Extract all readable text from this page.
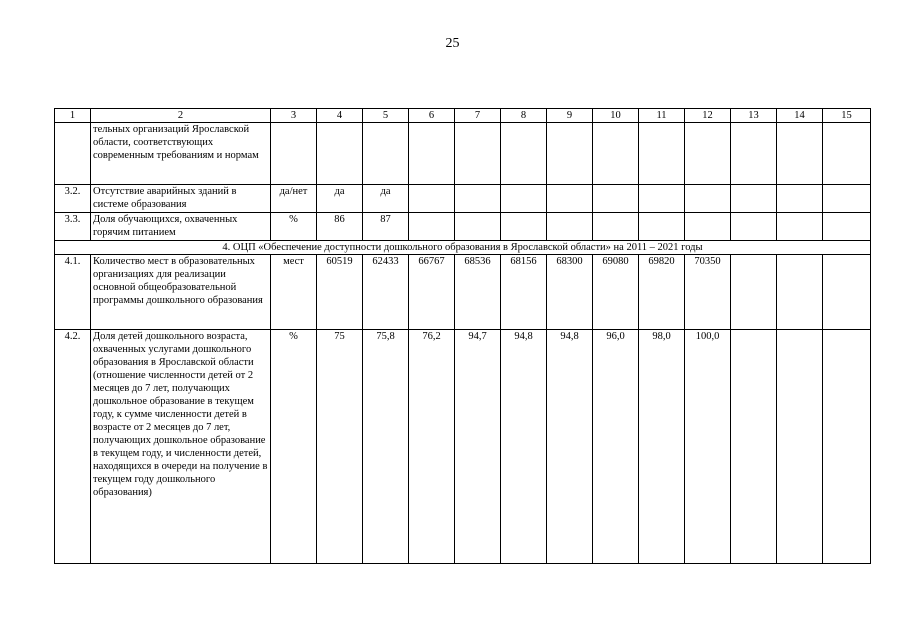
25
1	2	3	4	5	6	7	8	9	10	11	12	13	14	15
	тельных организаций Ярославской области, соответствующих современным требованиям и нормам													
3.2.	Отсутствие аварийных зданий в системе образования	да/нет	да	да										
3.3.	Доля обучающихся, охваченных горячим питанием	%	86	87										
4. ОЦП «Обеспечение доступности дошкольного образования в Ярославской области» на 2011 – 2021 годы														
4.1.	Количество мест в образовательных организациях для реализации основной общеобразовательной программы дошкольного образования	мест	60519	62433	66767	68536	68156	68300	69080	69820	70350			
4.2.	Доля детей дошкольного возраста, охваченных услугами дошкольного образования в Ярославской области (отношение численности детей от 2 месяцев до 7 лет, получающих дошкольное образование в текущем году, к сумме численности детей в возрасте от 2 месяцев до 7 лет, получающих дошкольное образование в текущем году, и численности детей, находящихся в очереди на получение в текущем году дошкольного образования)	%	75	75,8	76,2	94,7	94,8	94,8	96,0	98,0	100,0			
